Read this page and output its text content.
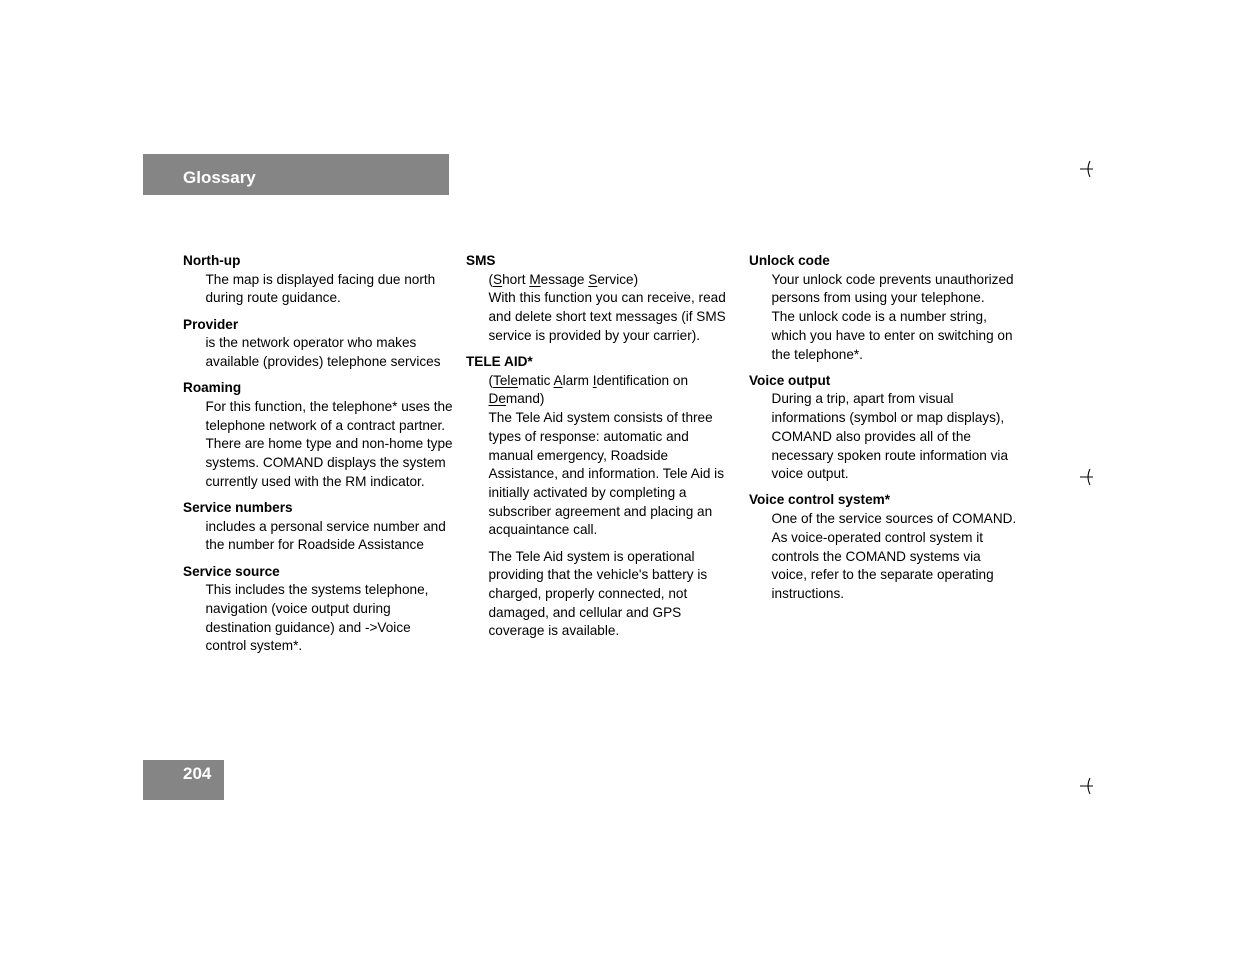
Glossary
North-up
The map is displayed facing due north during route guidance.
Provider
is the network operator who makes available (provides) telephone services
Roaming
For this function, the telephone* uses the telephone network of a contract partner. There are home type and non-home type systems. COMAND displays the system currently used with the RM indicator.
Service numbers
includes a personal service number and the number for Roadside Assistance
Service source
This includes the systems telephone, navigation (voice output during destination guidance) and ->Voice control system*.
SMS
(Short Message Service)
With this function you can receive, read and delete short text messages (if SMS service is provided by your carrier).
TELE AID*
(Telematic Alarm Identification on Demand)
The Tele Aid system consists of three types of response: automatic and manual emergency, Roadside Assistance, and information. Tele Aid is initially activated by completing a subscriber agreement and placing an acquaintance call.
The Tele Aid system is operational providing that the vehicle's battery is charged, properly connected, not damaged, and cellular and GPS coverage is available.
Unlock code
Your unlock code prevents unauthorized persons from using your telephone.
The unlock code is a number string, which you have to enter on switching on the telephone*.
Voice output
During a trip, apart from visual informations (symbol or map displays), COMAND also provides all of the necessary spoken route information via voice output.
Voice control system*
One of the service sources of COMAND.
As voice-operated control system it controls the COMAND systems via voice, refer to the separate operating instructions.
204
